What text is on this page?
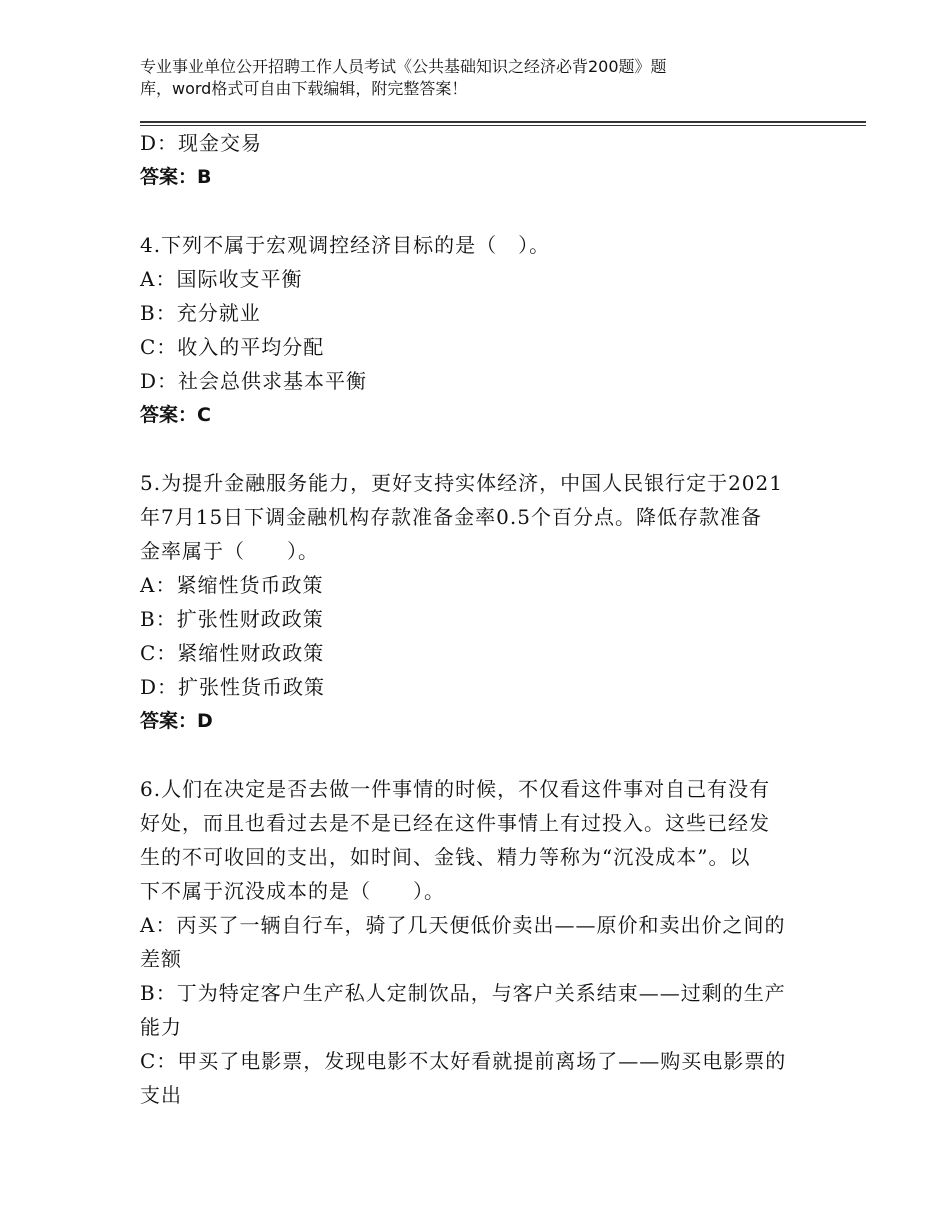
专业事业单位公开招聘工作人员考试《公共基础知识之经济必背200题》题
库，word格式可自由下载编辑，附完整答案！
D：现金交易
答案：B
4.下列不属于宏观调控经济目标的是（　）。
A：国际收支平衡
B：充分就业
C：收入的平均分配
D：社会总供求基本平衡
答案：C
5.为提升金融服务能力，更好支持实体经济，中国人民银行定于2021
年7月15日下调金融机构存款准备金率0.5个百分点。降低存款准备
金率属于（　　）。
A：紧缩性货币政策
B：扩张性财政政策
C：紧缩性财政政策
D：扩张性货币政策
答案：D
6.人们在决定是否去做一件事情的时候，不仅看这件事对自己有没有
好处，而且也看过去是不是已经在这件事情上有过投入。这些已经发
生的不可收回的支出，如时间、金钱、精力等称为“沉没成本”。以
下不属于沉没成本的是（　　）。
A：丙买了一辆自行车，骑了几天便低价卖出——原价和卖出价之间的
差额
B：丁为特定客户生产私人定制饮品，与客户关系结束——过剩的生产
能力
C：甲买了电影票，发现电影不太好看就提前离场了——购买电影票的
支出
